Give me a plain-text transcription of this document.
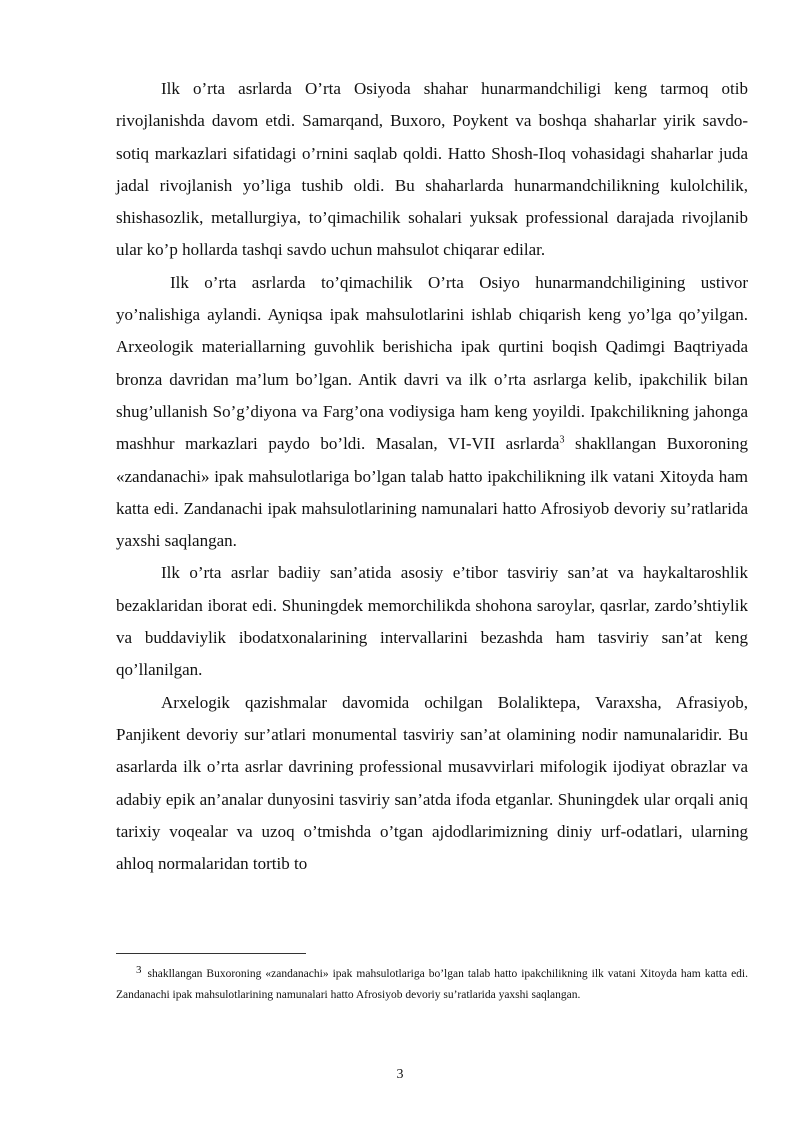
Ilk o’rta asrlarda O’rta Osiyoda shahar hunarmandchiligi keng tarmoq otib rivojlanishda davom etdi. Samarqand, Buxoro, Poykent va boshqa shaharlar yirik savdo-sotiq markazlari sifatidagi o’rnini saqlab qoldi. Hatto Shosh-Iloq vohasidagi shaharlar juda jadal rivojlanish yo’liga tushib oldi. Bu shaharlarda hunarmandchilikning kulolchilik, shishasozlik, metallurgiya, to’qimachilik sohalari yuksak professional darajada rivojlanib ular ko’p hollarda tashqi savdo uchun mahsulot chiqarar edilar.

Ilk o’rta asrlarda to’qimachilik O’rta Osiyo hunarmandchiligining ustivor yo’nalishiga aylandi. Ayniqsa ipak mahsulotlarini ishlab chiqarish keng yo’lga qo’yilgan. Arxeologik materiallarning guvohlik berishicha ipak qurtini boqish Qadimgi Baqtriyada bronza davridan ma’lum bo’lgan. Antik davri va ilk o’rta asrlarga kelib, ipakchilik bilan shug’ullanish So’g’diyona va Farg’ona vodiysiga ham keng yoyildi. Ipakchilikning jahonga mashhur markazlari paydo bo’ldi. Masalan, VI-VII asrlarda$^3$ shakllangan Buxoroning «zandanachi» ipak mahsulotlariga bo’lgan talab hatto ipakchilikning ilk vatani Xitoyda ham katta edi. Zandanachi ipak mahsulotlarining namunalari hatto Afrosiyob devoriy su’ratlarida yaxshi saqlangan.

Ilk o’rta asrlar badiiy san’atida asosiy e’tibor tasviriy san’at va haykaltaroshlik bezaklaridan iborat edi. Shuningdek memorchilikda shohona saroylar, qasrlar, zardo’shtiylik va buddaviylik ibodatxonalarining intervallarini bezashda ham tasviriy san’at keng qo’llanilgan.

Arxelogik qazishmalar davomida ochilgan Bolaliktepa, Varaxsha, Afrasiyob, Panjikent devoriy sur’atlari monumental tasviriy san’at olamining nodir namunalaridir. Bu asarlarda ilk o’rta asrlar davrining professional musavvirlari mifologik ijodiyat obrazlar va adabiy epik an’analar dunyosini tasviriy san’atda ifoda etganlar. Shuningdek ular orqali aniq tarixiy voqealar va uzoq o’tmishda o’tgan ajdodlarimizning diniy urf-odatlari, ularning ahloq normalaridan tortib to

3 shakllangan Buxoroning «zandanachi» ipak mahsulotlariga bo’lgan talab hatto ipakchilikning ilk vatani Xitoyda ham katta edi. Zandanachi ipak mahsulotlarining namunalari hatto Afrosiyob devoriy su’ratlarida yaxshi saqlangan.

3
